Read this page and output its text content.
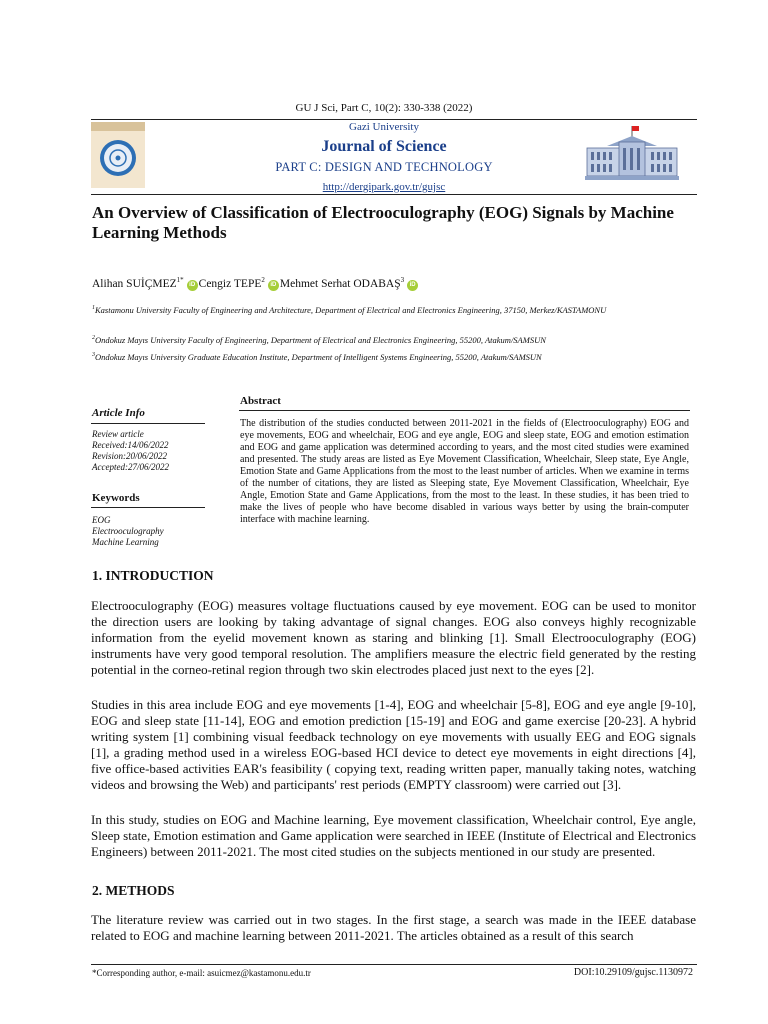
GU J Sci, Part C, 10(2): 330-338 (2022)
Gazi University
Journal of Science
PART C: DESIGN AND TECHNOLOGY
http://dergipark.gov.tr/gujsc
An Overview of Classification of Electrooculography (EOG) Signals by Machine Learning Methods
Alihan $SUİÇMEZ^{1*}iD$ Cengiz TEPE$^2$iD Mehmet Serhat ODABAŞ$^3$iD
$^1$Kastamonu University Faculty of Engineering and Architecture, Department of Electrical and Electronics Engineering, 37150, Merkez/KASTAMONU
$^2$Ondokuz Mayıs University Faculty of Engineering, Department of Electrical and Electronics Engineering, 55200, Atakum/SAMSUN
$^3$Ondokuz Mayıs University Graduate Education Institute, Department of Intelligent Systems Engineering, 55200, Atakum/SAMSUN
Article Info
Review article
Received:14/06/2022
Revision:20/06/2022
Accepted:27/06/2022
Keywords
EOG
Electrooculography
Machine Learning
Abstract
The distribution of the studies conducted between 2011-2021 in the fields of (Electrooculography) EOG and eye movements, EOG and wheelchair, EOG and eye angle, EOG and sleep state, EOG and emotion estimation and EOG and game application was determined according to years, and the most cited studies were examined and presented. The study areas are listed as Eye Movement Classification, Wheelchair, Sleep state, Eye Angle, Emotion State and Game Applications from the most to the least number of articles. When we examine in terms of the number of citations, they are listed as Sleeping state, Eye Movement Classification, Wheelchair, Eye Angle, Emotion State and Game Applications, from the most to the least. In these studies, it has been tried to make the lives of people who have become disabled in various ways better by using the brain-computer interface with machine learning.
1. INTRODUCTION
Electrooculography (EOG) measures voltage fluctuations caused by eye movement. EOG can be used to monitor the direction users are looking by taking advantage of signal changes. EOG also conveys highly recognizable information from the eyelid movement known as staring and blinking [1]. Small Electrooculography (EOG) instruments have very good temporal resolution. The amplifiers measure the electric field generated by the resting potential in the corneo-retinal region through two skin electrodes placed just next to the eyes [2].
Studies in this area include EOG and eye movements [1-4], EOG and wheelchair [5-8], EOG and eye angle [9-10], EOG and sleep state [11-14], EOG and emotion prediction [15-19] and EOG and game exercise [20-23]. A hybrid writing system [1] combining visual feedback technology on eye movements with usually EEG and EOG signals [1], a grading method used in a wireless EOG-based HCI device to detect eye movements in eight directions [4], five office-based activities EAR's feasibility ( copying text, reading written paper, manually taking notes, watching videos and browsing the Web) and participants' rest periods (EMPTY classroom) were carried out [3].
In this study, studies on EOG and Machine learning, Eye movement classification, Wheelchair control, Eye angle, Sleep state, Emotion estimation and Game application were searched in IEEE (Institute of Electrical and Electronics Engineers) between 2011-2021. The most cited studies on the subjects mentioned in our study are presented.
2. METHODS
The literature review was carried out in two stages. In the first stage, a search was made in the IEEE database related to EOG and machine learning between 2011-2021. The articles obtained as a result of this search
*Corresponding author, e-mail: asuicmez@kastamonu.edu.tr	DOI:10.29109/gujsc.1130972
